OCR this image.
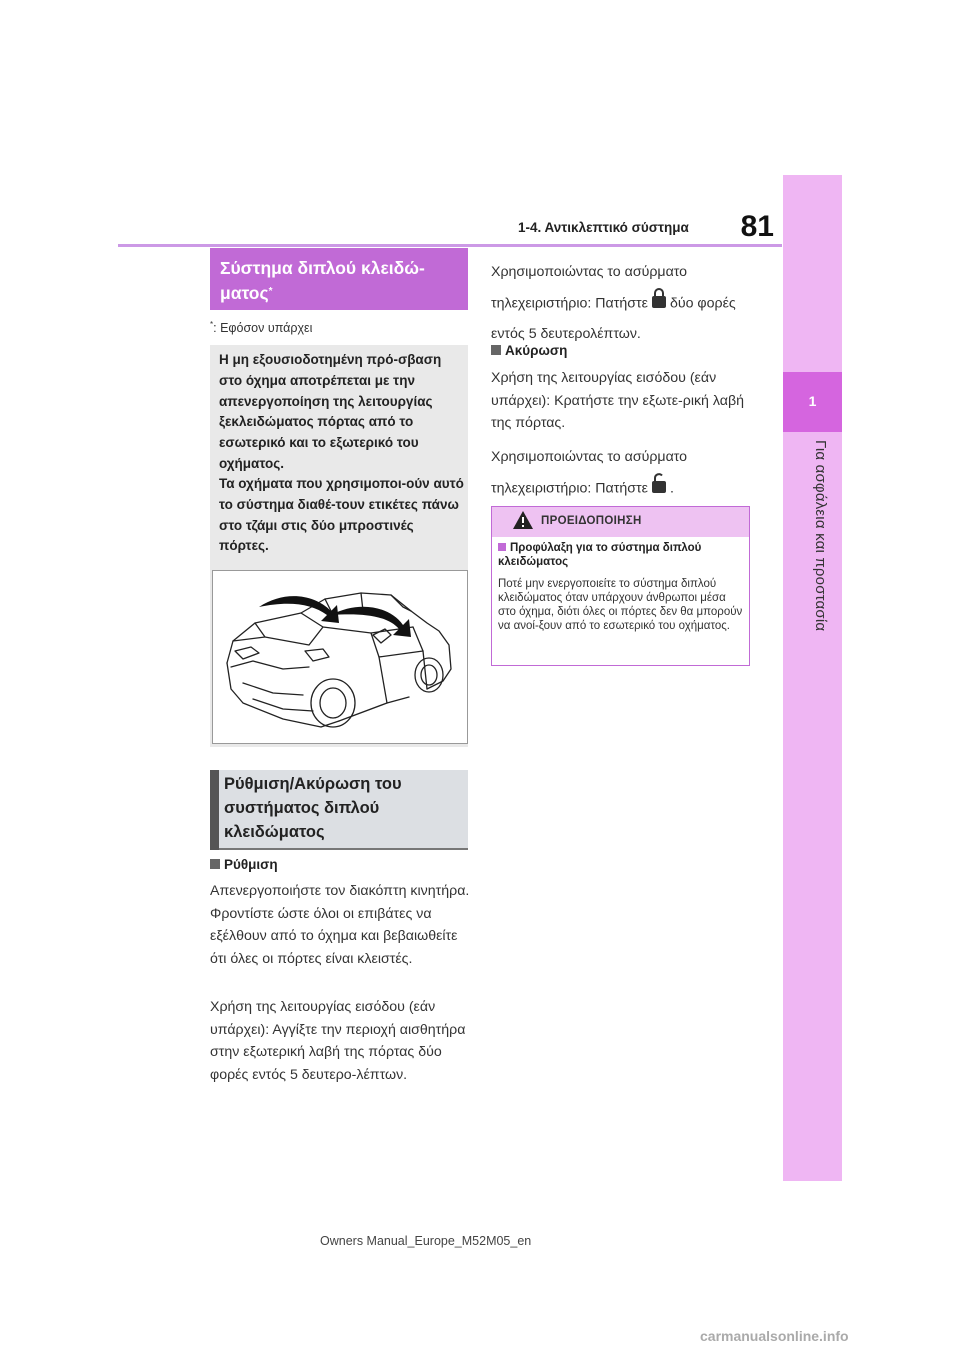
81
1-4. Αντικλεπτικό σύστημα
1
Για ασφάλεια και προστασία
Σύστημα διπλού κλειδώ-
ματος*
*: Εφόσον υπάρχει
Η μη εξουσιοδοτημένη πρό-σβαση στο όχημα αποτρέπεται με την απενεργοποίηση της λειτουργίας ξεκλειδώματος πόρτας από το εσωτερικό και το εξωτερικό του οχήματος.
Τα οχήματα που χρησιμοποι-ούν αυτό το σύστημα διαθέ-τουν ετικέτες πάνω στο τζάμι στις δύο μπροστινές πόρτες.
Ρύθμιση/Ακύρωση του συστήματος διπλού κλειδώματος
Ρύθμιση
Απενεργοποιήστε τον διακόπτη κινητήρα. Φροντίστε ώστε όλοι οι επιβάτες να εξέλθουν από το όχημα και βεβαιωθείτε ότι όλες οι πόρτες είναι κλειστές.
Χρήση της λειτουργίας εισόδου (εάν υπάρχει): Αγγίξτε την περιοχή αισθητήρα στην εξωτερική λαβή της πόρτας δύο φορές εντός 5 δευτερο-λέπτων.
Χρησιμοποιώντας το ασύρματο τηλεχειριστήριο: Πατήστε δύο φορές εντός 5 δευτερολέπτων.
Ακύρωση
Χρήση της λειτουργίας εισόδου (εάν υπάρχει): Κρατήστε την εξωτε-ρική λαβή της πόρτας.
Χρησιμοποιώντας το ασύρματο τηλεχειριστήριο: Πατήστε .
ΠΡΟΕΙΔΟΠΟΙΗΣΗ
Προφύλαξη για το σύστημα διπλού κλειδώματος
Ποτέ μην ενεργοποιείτε το σύστημα διπλού κλειδώματος όταν υπάρχουν άνθρωποι μέσα στο όχημα, διότι όλες οι πόρτες δεν θα μπορούν να ανοί-ξουν από το εσωτερικό του οχήματος.
Owners Manual_Europe_M52M05_en
carmanualsonline.info
